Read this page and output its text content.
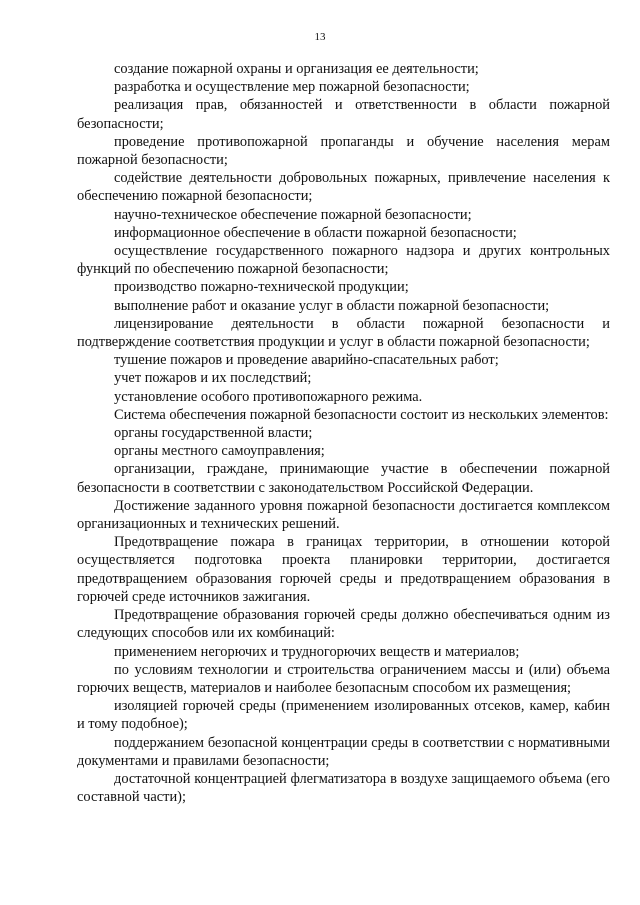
13

создание пожарной охраны и организация ее деятельности;

разработка и осуществление мер пожарной безопасности;

реализация прав, обязанностей и ответственности в области пожарной безопасности;

проведение противопожарной пропаганды и обучение населения мерам пожарной безопасности;

содействие деятельности добровольных пожарных, привлечение населения к обеспечению пожарной безопасности;

научно-техническое обеспечение пожарной безопасности;

информационное обеспечение в области пожарной безопасности;

осуществление государственного пожарного надзора и других контрольных функций по обеспечению пожарной безопасности;

производство пожарно-технической продукции;

выполнение работ и оказание услуг в области пожарной безопасности;

лицензирование деятельности в области пожарной безопасности и подтверждение соответствия продукции и услуг в области пожарной безопасности;

тушение пожаров и проведение аварийно-спасательных работ;

учет пожаров и их последствий;

установление особого противопожарного режима.

Система обеспечения пожарной безопасности состоит из нескольких элементов:

органы государственной власти;

органы местного самоуправления;

организации, граждане, принимающие участие в обеспечении пожарной безопасности в соответствии с законодательством Российской Федерации.

Достижение заданного уровня пожарной безопасности достигается комплексом организационных и технических решений.

Предотвращение пожара в границах территории, в отношении которой осуществляется подготовка проекта планировки территории, достигается предотвращением образования горючей среды и предотвращением образования в горючей среде источников зажигания.

Предотвращение образования горючей среды должно обеспечиваться одним из следующих способов или их комбинаций:

применением негорючих и трудногорючих веществ и материалов;

по условиям технологии и строительства ограничением массы и (или) объема горючих веществ, материалов и наиболее безопасным способом их размещения;

изоляцией горючей среды (применением изолированных отсеков, камер, кабин и тому подобное);

поддержанием безопасной концентрации среды в соответствии с нормативными документами и правилами безопасности;

достаточной концентрацией флегматизатора в воздухе защищаемого объема (его составной части);
